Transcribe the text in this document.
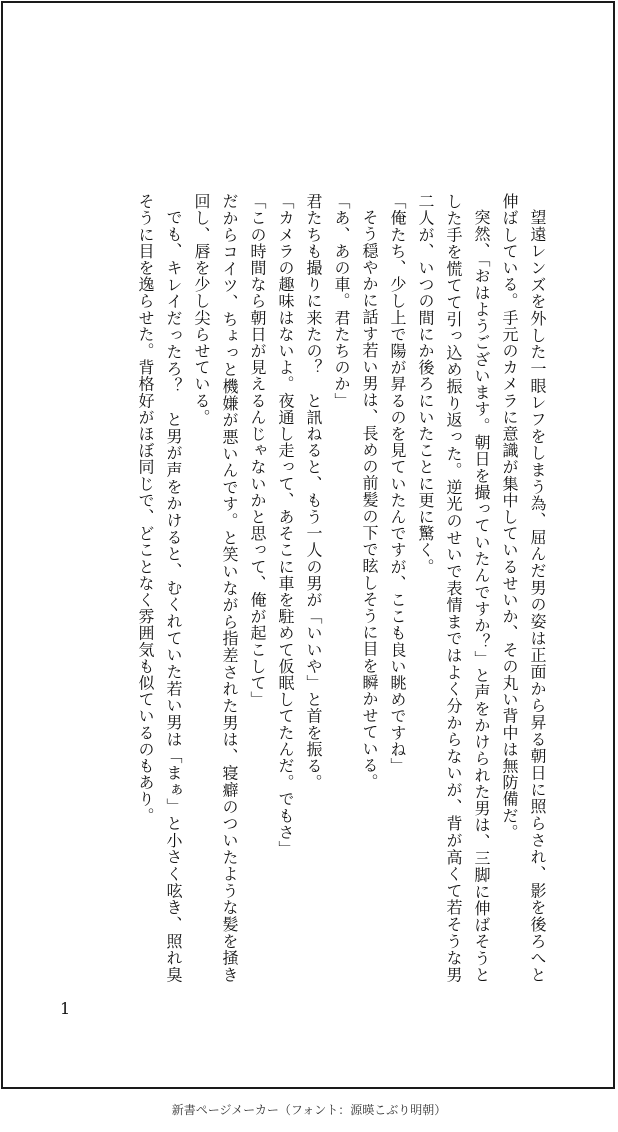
望遠レンズを外した一眼レフをしまう為、屈んだ男の姿は正面から昇る朝日に照らされ、影を後ろへと伸ばしている。手元のカメラに意識が集中しているせいか、その丸い背中は無防備だ。

突然、「おはようございます。朝日を撮っていたんですか？」と声をかけられた男は、三脚に伸ばそうとした手を慌てて引っ込め振り返った。逆光のせいで表情まではよく分からないが、背が高くて若そうな男二人が、いつの間にか後ろにいたことに更に驚く。

「俺たち、少し上で陽が昇るのを見ていたんですが、ここも良い眺めですね」

そう穏やかに話す若い男は、長めの前髪の下で眩しそうに目を瞬かせている。

「あ、あの車。君たちのか」

君たちも撮りに来たの？　と訊ねると、もう一人の男が「いいや」と首を振る。

「カメラの趣味はないよ。夜通し走って、あそこに車を駐めて仮眠してたんだ。でもさ」

「この時間なら朝日が見えるんじゃないかと思って、俺が起こして」

だからコイツ、ちょっと機嫌が悪いんです。と笑いながら指差された男は、寝癖のついたような髪を掻き回し、唇を少し尖らせている。

でも、キレイだったろ？　と男が声をかけると、むくれていた若い男は「まぁ」と小さく呟き、照れ臭そうに目を逸らせた。背格好がほぼ同じで、どことなく雰囲気も似ているのもあり。

1
新書ページメーカー（フォント：源暎こぶり明朝）
